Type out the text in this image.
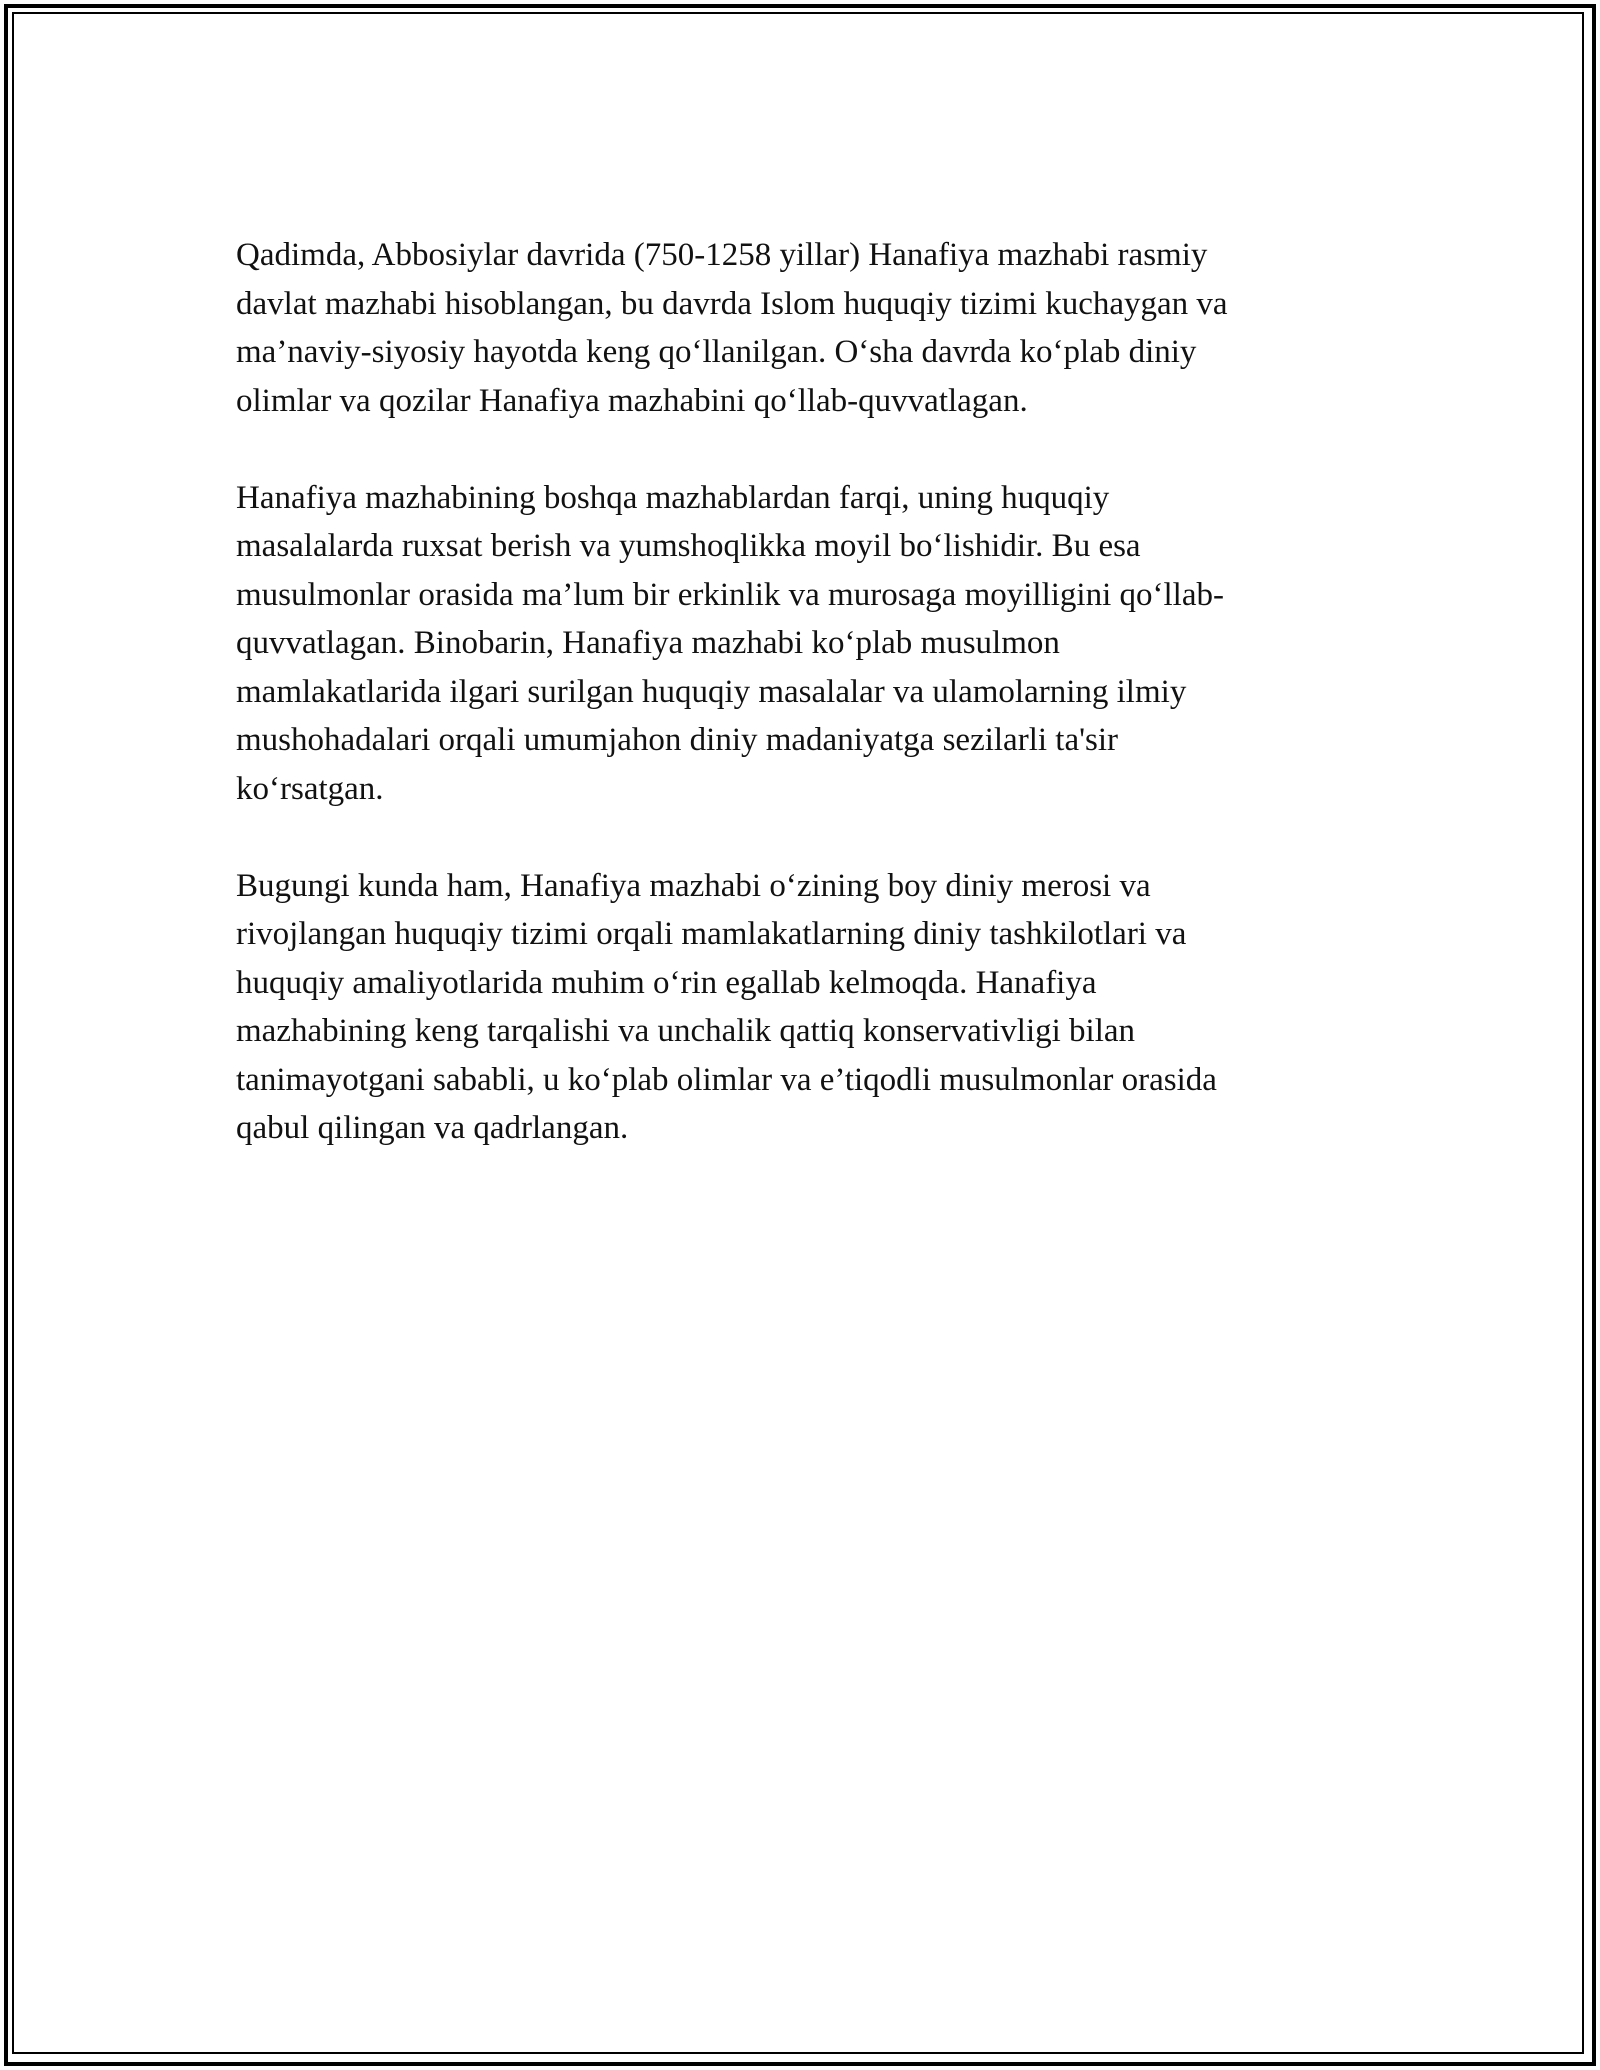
Qadimda, Abbosiylar davrida (750-1258 yillar) Hanafiya mazhabi rasmiy
davlat mazhabi hisoblangan, bu davrda Islom huquqiy tizimi kuchaygan va
ma’naviy-siyosiy hayotda keng qo‘llanilgan. O‘sha davrda ko‘plab diniy
olimlar va qozilar Hanafiya mazhabini qo‘llab-quvvatlagan.

Hanafiya mazhabining boshqa mazhablardan farqi, uning huquqiy
masalalarda ruxsat berish va yumshoqlikka moyil bo‘lishidir. Bu esa
musulmonlar orasida ma’lum bir erkinlik va murosaga moyilligini qo‘llab-
quvvatlagan. Binobarin, Hanafiya mazhabi ko‘plab musulmon
mamlakatlarida ilgari surilgan huquqiy masalalar va ulamolarning ilmiy
mushohadalari orqali umumjahon diniy madaniyatga sezilarli ta'sir
ko‘rsatgan.

Bugungi kunda ham, Hanafiya mazhabi o‘zining boy diniy merosi va
rivojlangan huquqiy tizimi orqali mamlakatlarning diniy tashkilotlari va
huquqiy amaliyotlarida muhim o‘rin egallab kelmoqda. Hanafiya
mazhabining keng tarqalishi va unchalik qattiq konservativligi bilan
tanimayotgani sababli, u ko‘plab olimlar va e’tiqodli musulmonlar orasida
qabul qilingan va qadrlangan.
